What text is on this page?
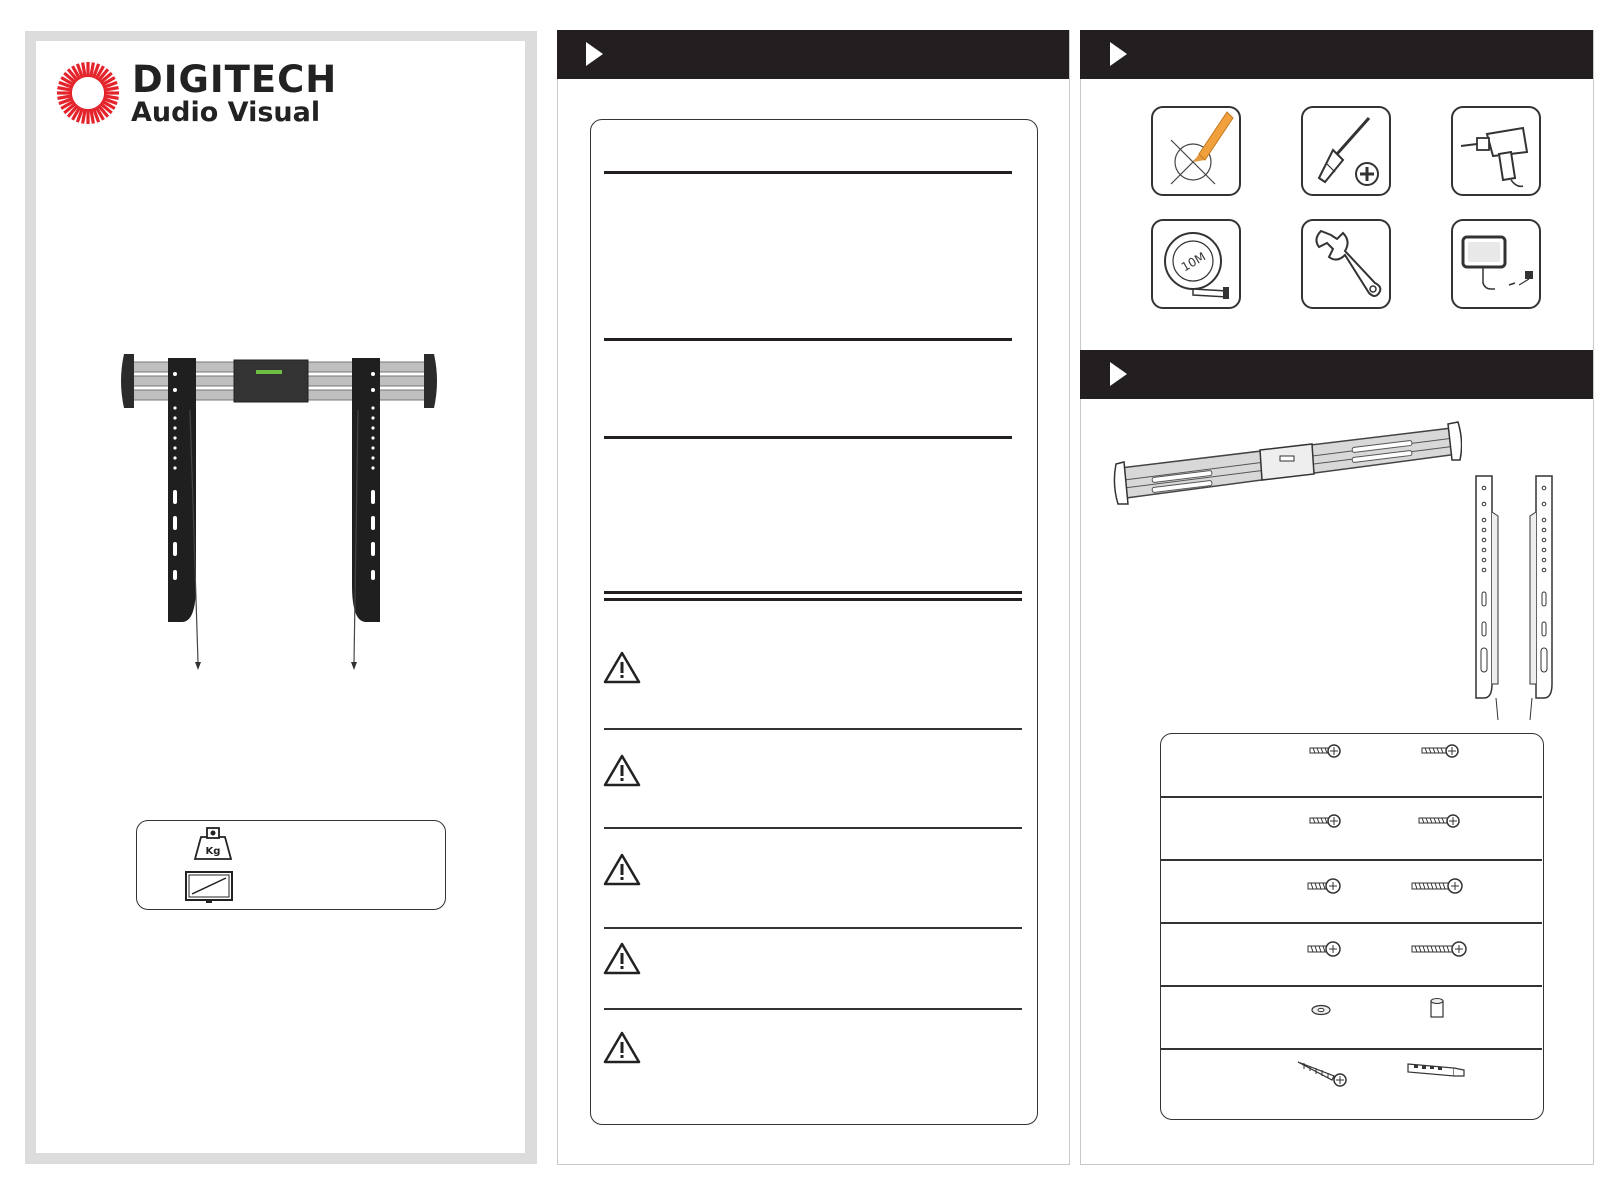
DIGITECH
Audio Visual
Kg
10M
